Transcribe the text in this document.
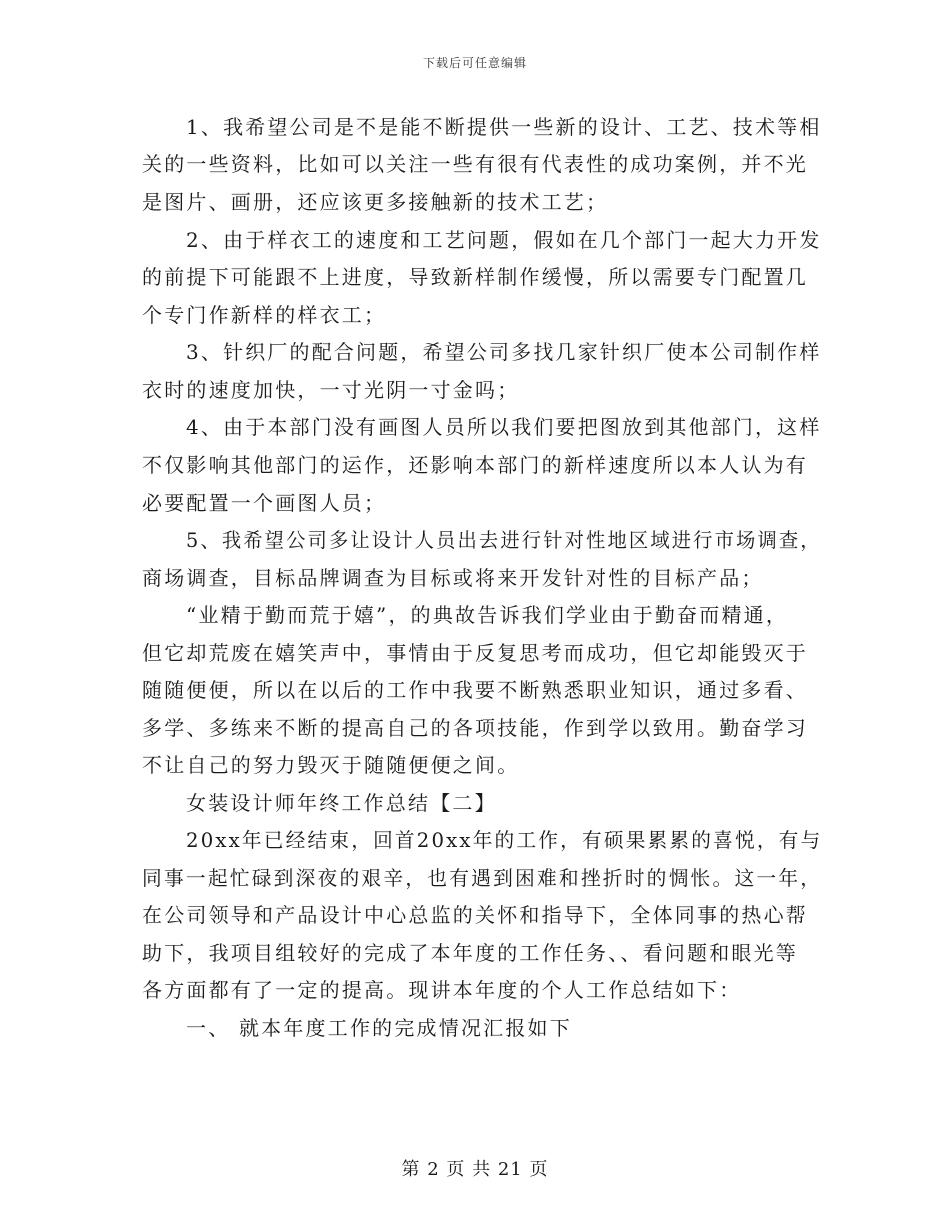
下载后可任意编辑
1、我希望公司是不是能不断提供一些新的设计、工艺、技术等相
关的一些资料，比如可以关注一些有很有代表性的成功案例，并不光
是图片、画册，还应该更多接触新的技术工艺；
2、由于样衣工的速度和工艺问题，假如在几个部门一起大力开发
的前提下可能跟不上进度，导致新样制作缓慢，所以需要专门配置几
个专门作新样的样衣工；
3、针织厂的配合问题，希望公司多找几家针织厂使本公司制作样
衣时的速度加快，一寸光阴一寸金吗；
4、由于本部门没有画图人员所以我们要把图放到其他部门，这样
不仅影响其他部门的运作，还影响本部门的新样速度所以本人认为有
必要配置一个画图人员；
5、我希望公司多让设计人员出去进行针对性地区域进行市场调查，
商场调查，目标品牌调查为目标或将来开发针对性的目标产品；
“业精于勤而荒于嬉”，的典故告诉我们学业由于勤奋而精通，
但它却荒废在嬉笑声中，事情由于反复思考而成功，但它却能毁灭于
随随便便，所以在以后的工作中我要不断熟悉职业知识，通过多看、
多学、多练来不断的提高自己的各项技能，作到学以致用。勤奋学习
不让自己的努力毁灭于随随便便之间。
女装设计师年终工作总结【二】
20xx年已经结束，回首20xx年的工作，有硕果累累的喜悦，有与
同事一起忙碌到深夜的艰辛，也有遇到困难和挫折时的惆怅。这一年，
在公司领导和产品设计中心总监的关怀和指导下，全体同事的热心帮
助下，我项目组较好的完成了本年度的工作任务、、看问题和眼光等
各方面都有了一定的提高。现讲本年度的个人工作总结如下：
一、 就本年度工作的完成情况汇报如下
第 2 页 共 21 页
